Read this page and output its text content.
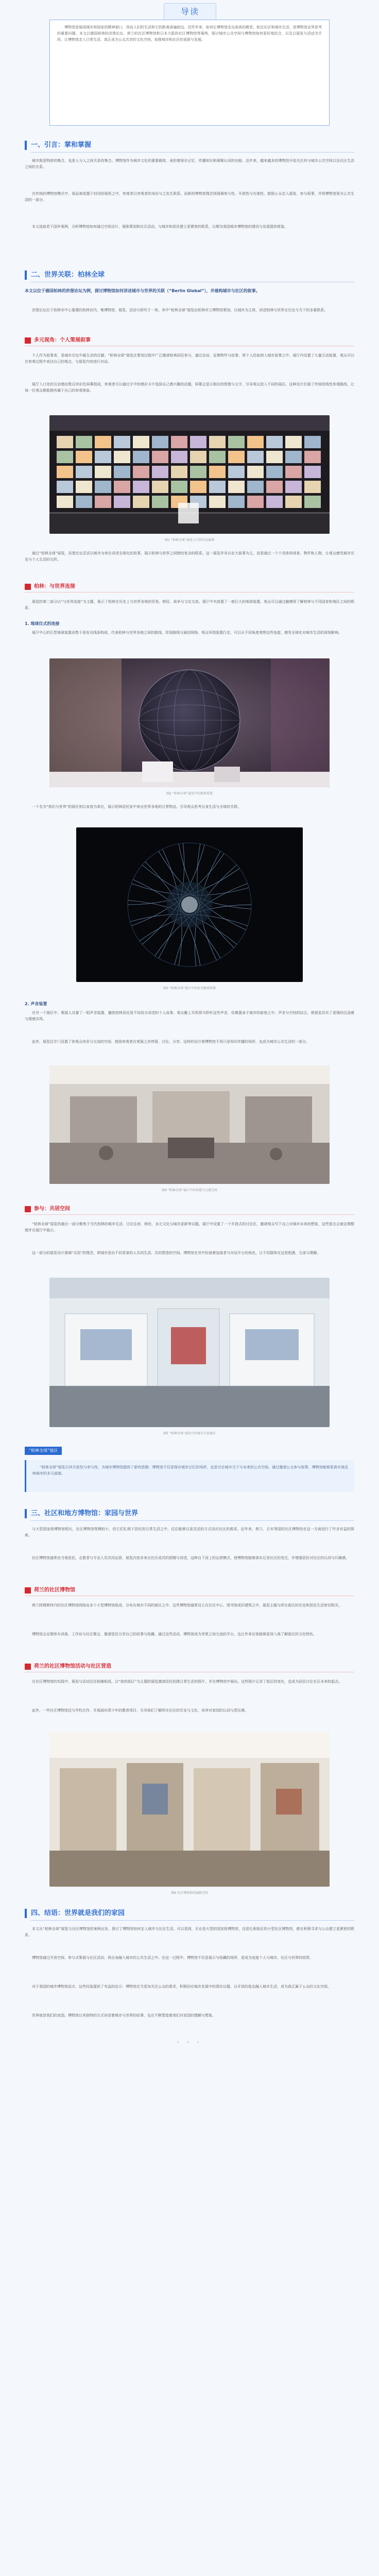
导读

博物馆是展现城市和国家的精神窗口，然而人们的生活和它的距离普遍较远。近些年来，如何让博物馆走出高高的殿堂，贴近社区和城市生活，是博物馆业界思考的重要问题。本文以德国柏林的洪堡论坛、荷兰的社区博物馆和日本大阪的社区博物馆等案例，探讨城市公共空间与博物馆如何更好地结合，以及以展览与活动为手段，让博物馆走入日常生活，真正成为公众共享的文化空间，助推城市和社区的更新与发展。

一、引言：掌和掌握

城市既是物质的集合，也是人与人之间关系的集合。博物馆作为城市文化的重要载体，承担着保存记忆、传播知识和凝聚认同的功能。近年来，越来越多的博物馆开始关注其与城市公共空间以及社区生活之间的关系。

在传统的博物馆模式中，展品被放置于封闭的展柜之中，参观者以旁观者的身份与之发生联系。而新的博物馆理念则强调参与性、开放性与在地性，鼓励公众走入展览、参与叙事，并将博物馆视为公共生活的一部分。

本文选取若干国外案例，分析博物馆如何通过空间设计、展陈策划和社区活动，与城市和居民建立更紧密的联系，以期为我国城市博物馆的建设与发展提供借鉴。

二、世界关联：柏林全球

本文以位于德国柏林的洪堡论坛为例，探讨博物馆如何讲述城市与世界的关联（“Berlin Global”），并建构城市与社区的叙事。

洪堡论坛位于柏林市中心重建的柏林宫内，集博物馆、展览、活动与研究于一体。其中“柏林全球”展览由柏林市立博物馆策划，以城市为主体，讲述柏林与世界在历史与当下的多重联系。

多元视角：个人策展叙事

个人作为叙事者，是城市历史中最生动的注脚。“柏林全球”展览在策划过程中广泛邀请柏林居民参与，通过访谈、征集物件与故事，将个人经验纳入城市叙事之中。展厅内设置了大量互动装置，观众可以在参观过程中表达自己的观点，与展览内容进行对话。

展厅入口处的互动墙由数百块彩色屏幕组成，参观者可以通过手中的感应卡片选择自己感兴趣的话题，屏幕会显示相应的图像与文字，引导观众进入不同的展区。这种设计打破了传统的线性参观路线，让每一位观众都能拥有属于自己的参观体验。

图1 “柏林全球”展览入口的互动展墙

通过“柏林全球”展览，洪堡论坛尝试以城市为单位讲述全球化的故事，展示柏林与世界之间错综复杂的联系。这一展览并非以宏大叙事为主，而是通过一个个具体的场景、物件和人物，让观众感受城市历史与个人生活的交织。

柏林：与世界连接

展览的第二部分以“与世界连接”为主题，展示了柏林在历史上与世界各地的贸易、移民、战争与文化交流。展厅中央放置了一座巨大的地球装置，观众可以通过触摸屏了解柏林与不同国家和地区之间的联系。

1. 地球仪式的连接

展厅中心的巨型地球装置由数千条发光线条构成，代表柏林与世界各地之间的航线、贸易路线与通信网络。观众环绕装置行走，可以从不同角度观察这些连接，感受全球化对城市生活的深刻影响。

图2 “柏林全球”展览中的地球装置

一个名为“我们与世界”的展区则以家庭为单位，展示柏林居民家中来自世界各地的日常物品，引导观众思考自身生活与全球的关联。

图3 “柏林全球”展厅中的发光地球装置

2. 声音装置

在另一个展区中，策展人设置了一组声音装置，播放柏林居民用不同语言讲述的个人故事。观众戴上耳机即可聆听这些声音，仿佛置身于城市的街巷之中。声音与空间的结合，使展览具有了更强的沉浸感与情感共鸣。

此外，展览还专门设置了供观众休息与交流的空间，鼓励参观者在观展之余停留、讨论、分享。这样的设计使博物馆不再只是知识传播的场所，也成为城市公共生活的一部分。

图4 “柏林全球”展厅中的休憩与交流空间

参与：共居空间

“柏林全球”展览的最后一部分聚焦于当代柏林的城市生活，讨论住房、移民、多元文化与城市更新等议题。展厅中设置了一个开放式的讨论区，邀请观众写下自己对城市未来的想象，这些留言会被定期整理并在展厅中展示。

这一部分的展览设计强调“共居”的理念，即城市是由不同背景的人共同生活、共同塑造的空间。博物馆在其中扮演着连接者与对话平台的角色，让不同群体在这里相遇、交流与理解。

图5 “柏林全球”展览中的城市生活展区

“柏林全球”展区

“柏林全球”展览以其开放性与参与性，为城市博物馆提供了新的思路：博物馆不仅是保存城市记忆的场所，也是讨论城市当下与未来的公共空间。通过邀请公众参与叙事，博物馆能够更真实地反映城市的多元面貌。

三、社区和地方博物馆：家园与世界

与大型国家级博物馆相比，社区博物馆规模较小，但它们扎根于居民的日常生活之中，往往能够以更灵活的方式回应社区的需求。近年来，荷兰、日本等国的社区博物馆在这一方面进行了许多有益的探索。

社区博物馆通常由当地居民、志愿者与专业人员共同运营，展览内容多来自社区成员的捐赠与讲述。这种自下而上的运营模式，使博物馆能够真实记录社区的变迁，并增强居民对社区的认同与归属感。

荷兰的社区博物馆

荷兰阿姆斯特丹的社区博物馆网络由多个小型博物馆组成，分布在城市不同的街区之中。这些博物馆通常设立在社区中心、图书馆或旧建筑之中，展览主题与所在街区的历史和居民生活密切相关。

博物馆会定期举办讲座、工作坊与社区聚会，邀请居民分享自己的故事与收藏。通过这些活动，博物馆成为邻里之间交流的平台，也让外来访客能够更深入地了解街区的文化特色。

荷兰的社区博物馆活动与社区营造

在社区博物馆的实践中，展览与活动往往相辅相成。以“我的街区”为主题的展览邀请居民拍摄日常生活的照片，并在博物馆中展出。这些照片记录了街区的变化，也成为居民讨论社区未来的起点。

此外，一些社区博物馆还与学校合作，开展面向青少年的教育项目，引导他们了解所在社区的历史与文化，培养对家园的认同与责任感。

图6 社区博物馆的展陈空间

四、结语：世界就是我们的家园

本文从“柏林全球”展览与社区博物馆的案例出发，探讨了博物馆如何走入城市与社区生活。可以看到，无论是大型的国家级博物馆，还是扎根街区的小型社区博物馆，都在积极寻求与公众建立更紧密的联系。

博物馆通过开放空间、参与式策展与社区活动，将自身融入城市的公共生活之中。在这一过程中，博物馆不仅是展示与收藏的场所，更成为连接个人与城市、社区与世界的纽带。

对于我国的城市博物馆而言，这些经验提供了有益的启示：博物馆应当更加关注公众的需求，积极回应城市发展中的现实议题，以开放的姿态融入城市生活，成为真正属于公众的文化空间。

世界就是我们的家园。博物馆以其独特的方式讲述着城市与世界的故事，也在不断塑造着我们对家园的理解与想象。

• • •
